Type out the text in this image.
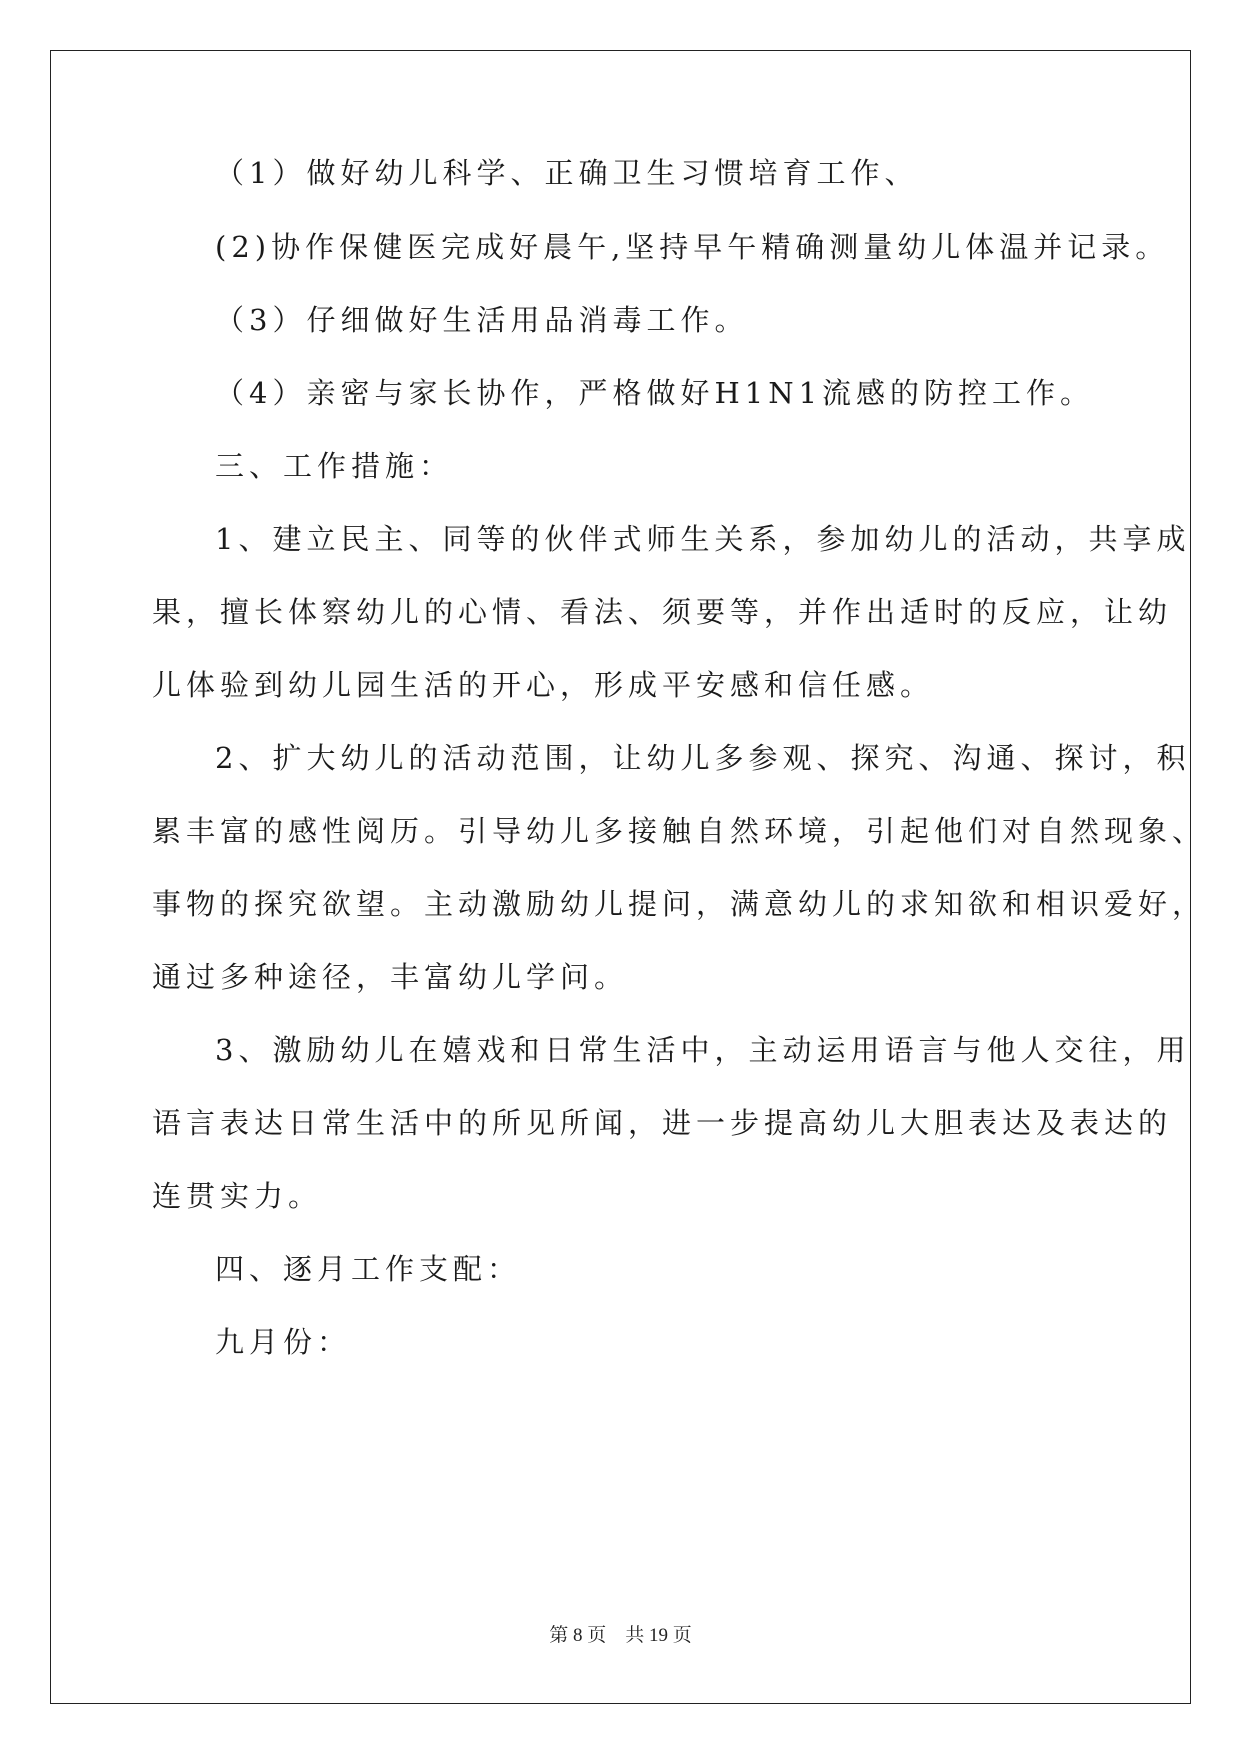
（1）做好幼儿科学、正确卫生习惯培育工作、
(2)协作保健医完成好晨午,坚持早午精确测量幼儿体温并记录。
（3）仔细做好生活用品消毒工作。
（4）亲密与家长协作，严格做好H1N1流感的防控工作。
三、工作措施：
1、建立民主、同等的伙伴式师生关系，参加幼儿的活动，共享成
果，擅长体察幼儿的心情、看法、须要等，并作出适时的反应，让幼
儿体验到幼儿园生活的开心，形成平安感和信任感。
2、扩大幼儿的活动范围，让幼儿多参观、探究、沟通、探讨，积
累丰富的感性阅历。引导幼儿多接触自然环境，引起他们对自然现象、
事物的探究欲望。主动激励幼儿提问，满意幼儿的求知欲和相识爱好，
通过多种途径，丰富幼儿学问。
3、激励幼儿在嬉戏和日常生活中，主动运用语言与他人交往，用
语言表达日常生活中的所见所闻，进一步提高幼儿大胆表达及表达的
连贯实力。
四、逐月工作支配：
九月份：
第 8 页    共 19 页
